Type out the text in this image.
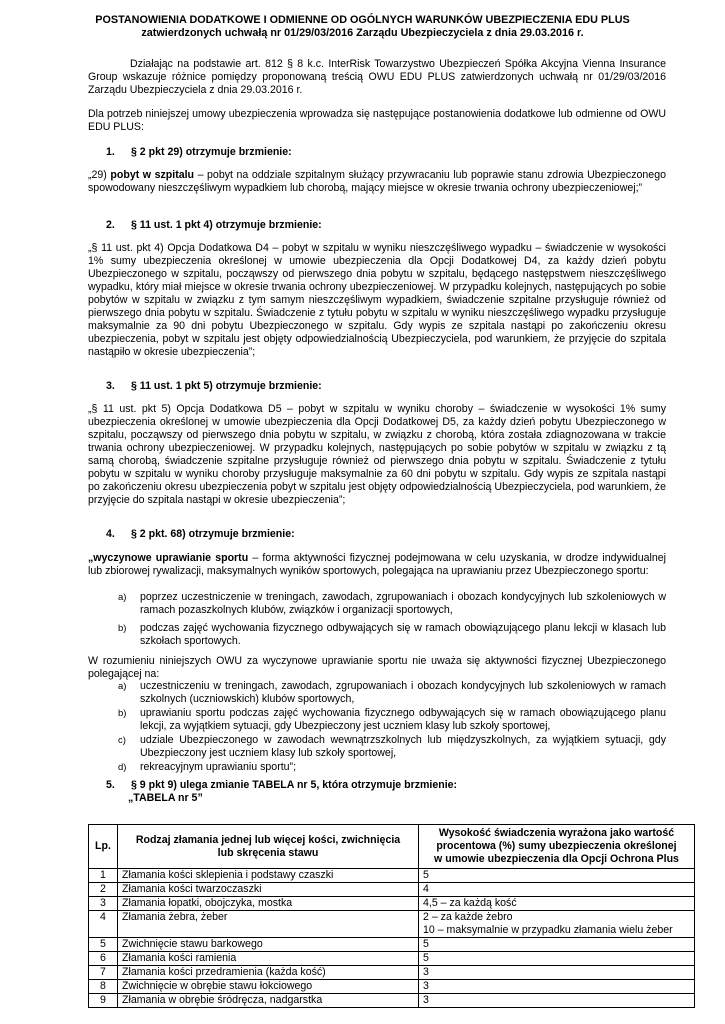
POSTANOWIENIA DODATKOWE I ODMIENNE OD OGÓLNYCH WARUNKÓW UBEZPIECZENIA EDU PLUS
zatwierdzonych uchwałą nr 01/29/03/2016 Zarządu Ubezpieczyciela z dnia 29.03.2016 r.
Działając na podstawie art. 812 § 8 k.c. InterRisk Towarzystwo Ubezpieczeń Spółka Akcyjna Vienna Insurance Group wskazuje różnice pomiędzy proponowaną treścią OWU EDU PLUS zatwierdzonych uchwałą nr 01/29/03/2016 Zarządu Ubezpieczyciela z dnia 29.03.2016 r.
Dla potrzeb niniejszej umowy ubezpieczenia wprowadza się następujące postanowienia dodatkowe lub odmienne od OWU EDU PLUS:
1. § 2 pkt 29) otrzymuje brzmienie:
„29) pobyt w szpitalu – pobyt na oddziale szpitalnym służący przywracaniu lub poprawie stanu zdrowia Ubezpieczonego spowodowany nieszczęśliwym wypadkiem lub chorobą, mający miejsce w okresie trwania ochrony ubezpieczeniowej;”
2. § 11 ust. 1 pkt 4) otrzymuje brzmienie:
„§ 11 ust. pkt 4) Opcja Dodatkowa D4 – pobyt w szpitalu w wyniku nieszczęśliwego wypadku – świadczenie w wysokości 1% sumy ubezpieczenia określonej w umowie ubezpieczenia dla Opcji Dodatkowej D4, za każdy dzień pobytu Ubezpieczonego w szpitalu, począwszy od pierwszego dnia pobytu w szpitalu, będącego następstwem nieszczęśliwego wypadku, który miał miejsce w okresie trwania ochrony ubezpieczeniowej. W przypadku kolejnych, następujących po sobie pobytów w szpitalu w związku z tym samym nieszczęśliwym wypadkiem, świadczenie szpitalne przysługuje również od pierwszego dnia pobytu w szpitalu. Świadczenie z tytułu pobytu w szpitalu w wyniku nieszczęśliwego wypadku przysługuje maksymalnie za 90 dni pobytu Ubezpieczonego w szpitalu. Gdy wypis ze szpitala nastąpi po zakończeniu okresu ubezpieczenia, pobyt w szpitalu jest objęty odpowiedzialnością Ubezpieczyciela, pod warunkiem, że przyjęcie do szpitala nastąpiło w okresie ubezpieczenia”;
3. § 11 ust. 1 pkt 5) otrzymuje brzmienie:
„§ 11 ust. pkt 5) Opcja Dodatkowa D5 – pobyt w szpitalu w wyniku choroby – świadczenie w wysokości 1% sumy ubezpieczenia określonej w umowie ubezpieczenia dla Opcji Dodatkowej D5, za każdy dzień pobytu Ubezpieczonego w szpitalu, począwszy od pierwszego dnia pobytu w szpitalu, w związku z chorobą, która została zdiagnozowana w trakcie trwania ochrony ubezpieczeniowej. W przypadku kolejnych, następujących po sobie pobytów w szpitalu w związku z tą samą chorobą, świadczenie szpitalne przysługuje również od pierwszego dnia pobytu w szpitalu. Świadczenie z tytułu pobytu w szpitalu w wyniku choroby przysługuje maksymalnie za 60 dni pobytu w szpitalu. Gdy wypis ze szpitala nastąpi po zakończeniu okresu ubezpieczenia pobyt w szpitalu jest objęty odpowiedzialnością Ubezpieczyciela, pod warunkiem, że przyjęcie do szpitala nastąpi w okresie ubezpieczenia”;
4. § 2 pkt. 68) otrzymuje brzmienie:
„wyczynowe uprawianie sportu – forma aktywności fizycznej podejmowana w celu uzyskania, w drodze indywidualnej lub zbiorowej rywalizacji, maksymalnych wyników sportowych, polegająca na uprawianiu przez Ubezpieczonego sportu:
a) poprzez uczestniczenie w treningach, zawodach, zgrupowaniach i obozach kondycyjnych lub szkoleniowych w ramach pozaszkolnych klubów, związków i organizacji sportowych,
b) podczas zajęć wychowania fizycznego odbywających się w ramach obowiązującego planu lekcji w klasach lub szkołach sportowych.
W rozumieniu niniejszych OWU za wyczynowe uprawianie sportu nie uważa się aktywności fizycznej Ubezpieczonego polegającej na:
a) uczestniczeniu w treningach, zawodach, zgrupowaniach i obozach kondycyjnych lub szkoleniowych w ramach szkolnych (uczniowskich) klubów sportowych,
b) uprawianiu sportu podczas zajęć wychowania fizycznego odbywających się w ramach obowiązującego planu lekcji, za wyjątkiem sytuacji, gdy Ubezpieczony jest uczniem klasy lub szkoły sportowej,
c) udziale Ubezpieczonego w zawodach wewnątrzszkolnych lub międzyszkolnych, za wyjątkiem sytuacji, gdy Ubezpieczony jest uczniem klasy lub szkoły sportowej,
d) rekreacyjnym uprawianiu sportu”;
5. § 9 pkt 9) ulega zmianie TABELA nr 5, która otrzymuje brzmienie:
„TABELA nr 5”
Lp.	Rodzaj złamania jednej lub więcej kości, zwichnięcia lub skręcenia stawu	Wysokość świadczenia wyrażona jako wartość procentowa (%) sumy ubezpieczenia określonej w umowie ubezpieczenia dla Opcji Ochrona Plus
1	Złamania kości sklepienia i podstawy czaszki	5
2	Złamania kości twarzoczaszki	4
3	Złamania łopatki, obojczyka, mostka	4,5 – za każdą kość
4	Złamania żebra, żeber	2 – za każde żebro
10 – maksymalnie w przypadku złamania wielu żeber

5	Zwichnięcie stawu barkowego	5
6	Złamania kości ramienia	5
7	Złamania kości przedramienia (każda kość)	3
8	Zwichnięcie w obrębie stawu łokciowego	3
9	Złamania w obrębie śródręcza, nadgarstka	3
